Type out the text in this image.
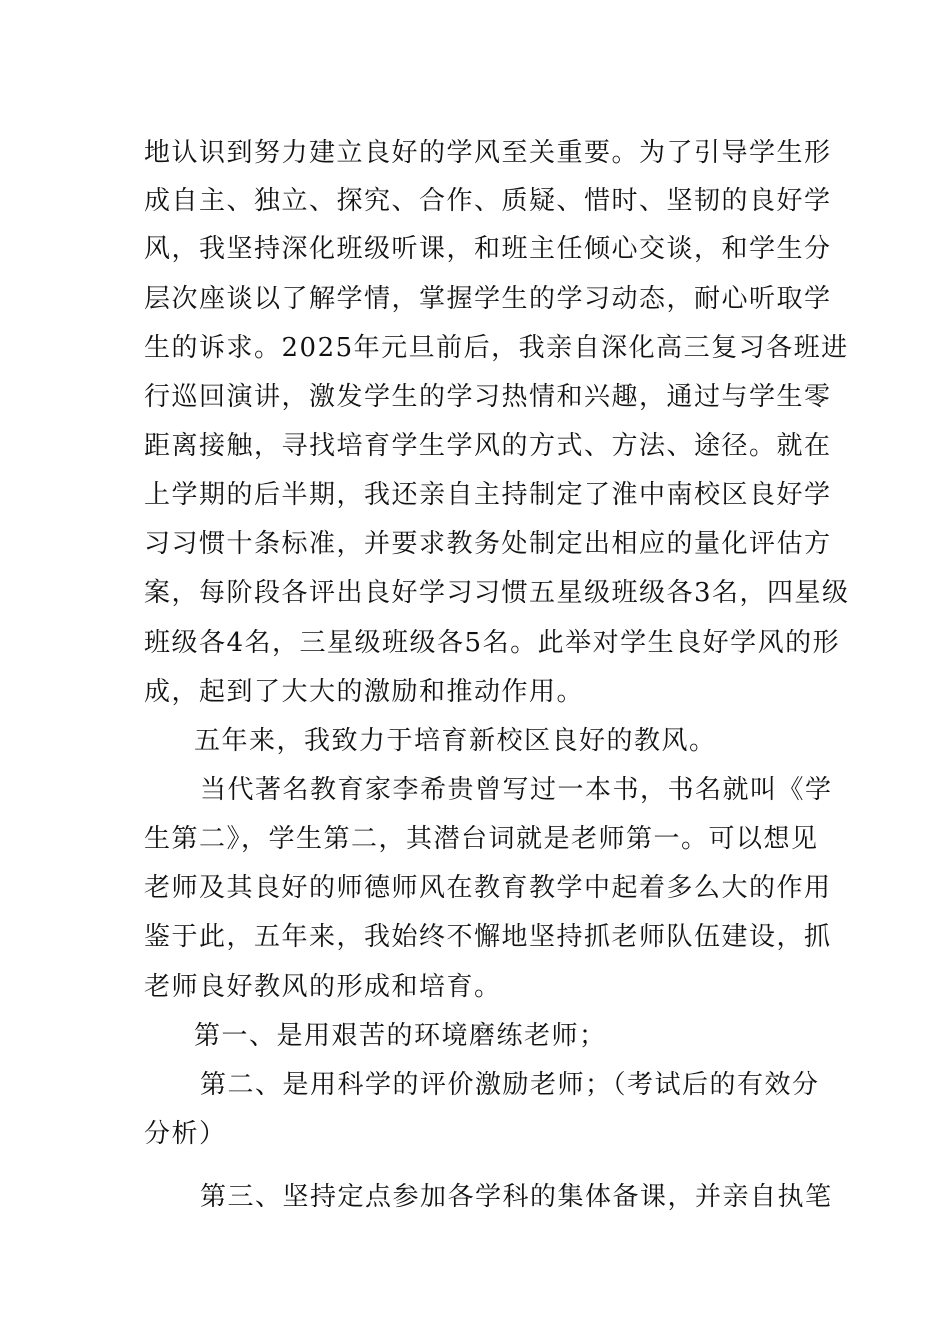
地认识到努力建立良好的学风至关重要。为了引导学生形
成自主、独立、探究、合作、质疑、惜时、坚韧的良好学
风，我坚持深化班级听课，和班主任倾心交谈，和学生分
层次座谈以了解学情，掌握学生的学习动态，耐心听取学
生的诉求。2025年元旦前后，我亲自深化高三复习各班进
行巡回演讲，激发学生的学习热情和兴趣，通过与学生零
距离接触，寻找培育学生学风的方式、方法、途径。就在
上学期的后半期，我还亲自主持制定了淮中南校区良好学
习习惯十条标准，并要求教务处制定出相应的量化评估方
案，每阶段各评出良好学习习惯五星级班级各3名，四星级
班级各4名，三星级班级各5名。此举对学生良好学风的形
成，起到了大大的激励和推动作用。
五年来，我致力于培育新校区良好的教风。
当代著名教育家李希贵曾写过一本书，书名就叫《学
生第二》，学生第二，其潜台词就是老师第一。可以想见
老师及其良好的师德师风在教育教学中起着多么大的作用
鉴于此，五年来，我始终不懈地坚持抓老师队伍建设，抓
老师良好教风的形成和培育。
第一、是用艰苦的环境磨练老师；
第二、是用科学的评价激励老师；（考试后的有效分
分析）
第三、坚持定点参加各学科的集体备课，并亲自执笔
